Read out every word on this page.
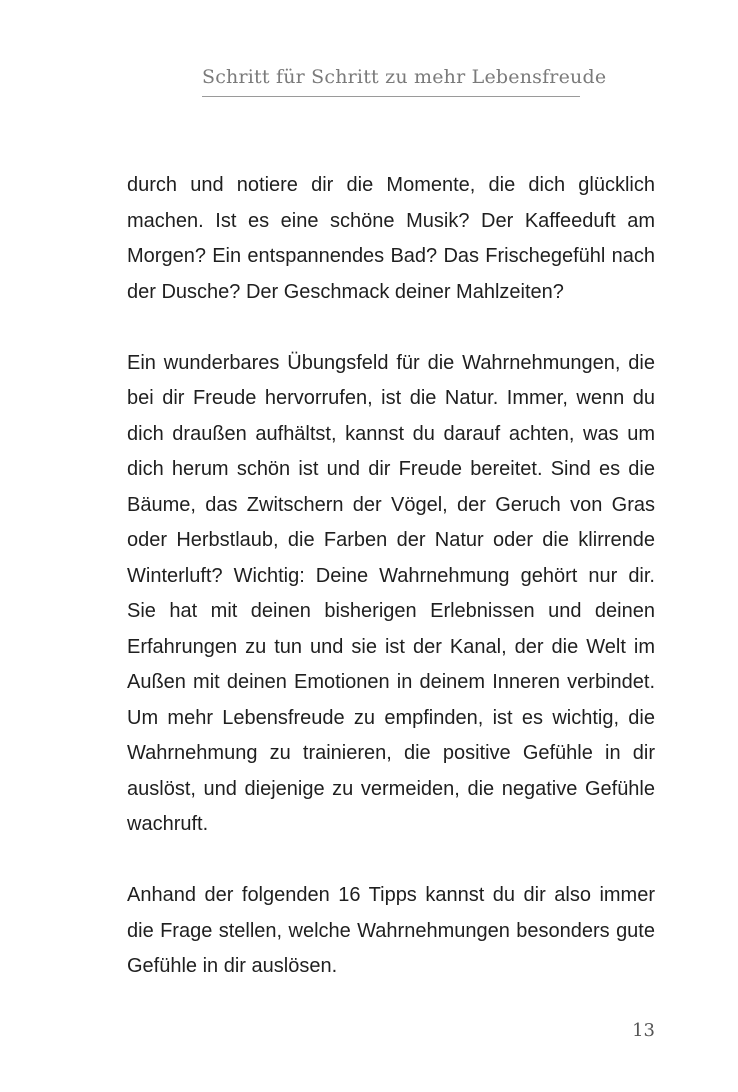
Schritt für Schritt zu mehr Lebensfreude

durch und notiere dir die Momente, die dich glücklich machen. Ist es eine schöne Musik? Der Kaffeeduft am Morgen? Ein entspannendes Bad? Das Frischegefühl nach der Dusche? Der Geschmack deiner Mahlzeiten?

Ein wunderbares Übungsfeld für die Wahrnehmungen, die bei dir Freude hervorrufen, ist die Natur. Immer, wenn du dich draußen aufhältst, kannst du darauf achten, was um dich herum schön ist und dir Freude bereitet. Sind es die Bäume, das Zwitschern der Vögel, der Geruch von Gras oder Herbstlaub, die Farben der Natur oder die klirrende Winterluft? Wichtig: Deine Wahrnehmung gehört nur dir. Sie hat mit deinen bisherigen Erlebnissen und deinen Erfahrungen zu tun und sie ist der Kanal, der die Welt im Außen mit deinen Emotionen in deinem Inneren verbindet. Um mehr Lebensfreude zu empfinden, ist es wichtig, die Wahrnehmung zu trainieren, die positive Gefühle in dir auslöst, und diejenige zu vermeiden, die negative Gefühle wachruft.

Anhand der folgenden 16 Tipps kannst du dir also immer die Frage stellen, welche Wahrnehmungen besonders gute Gefühle in dir auslösen.

13
